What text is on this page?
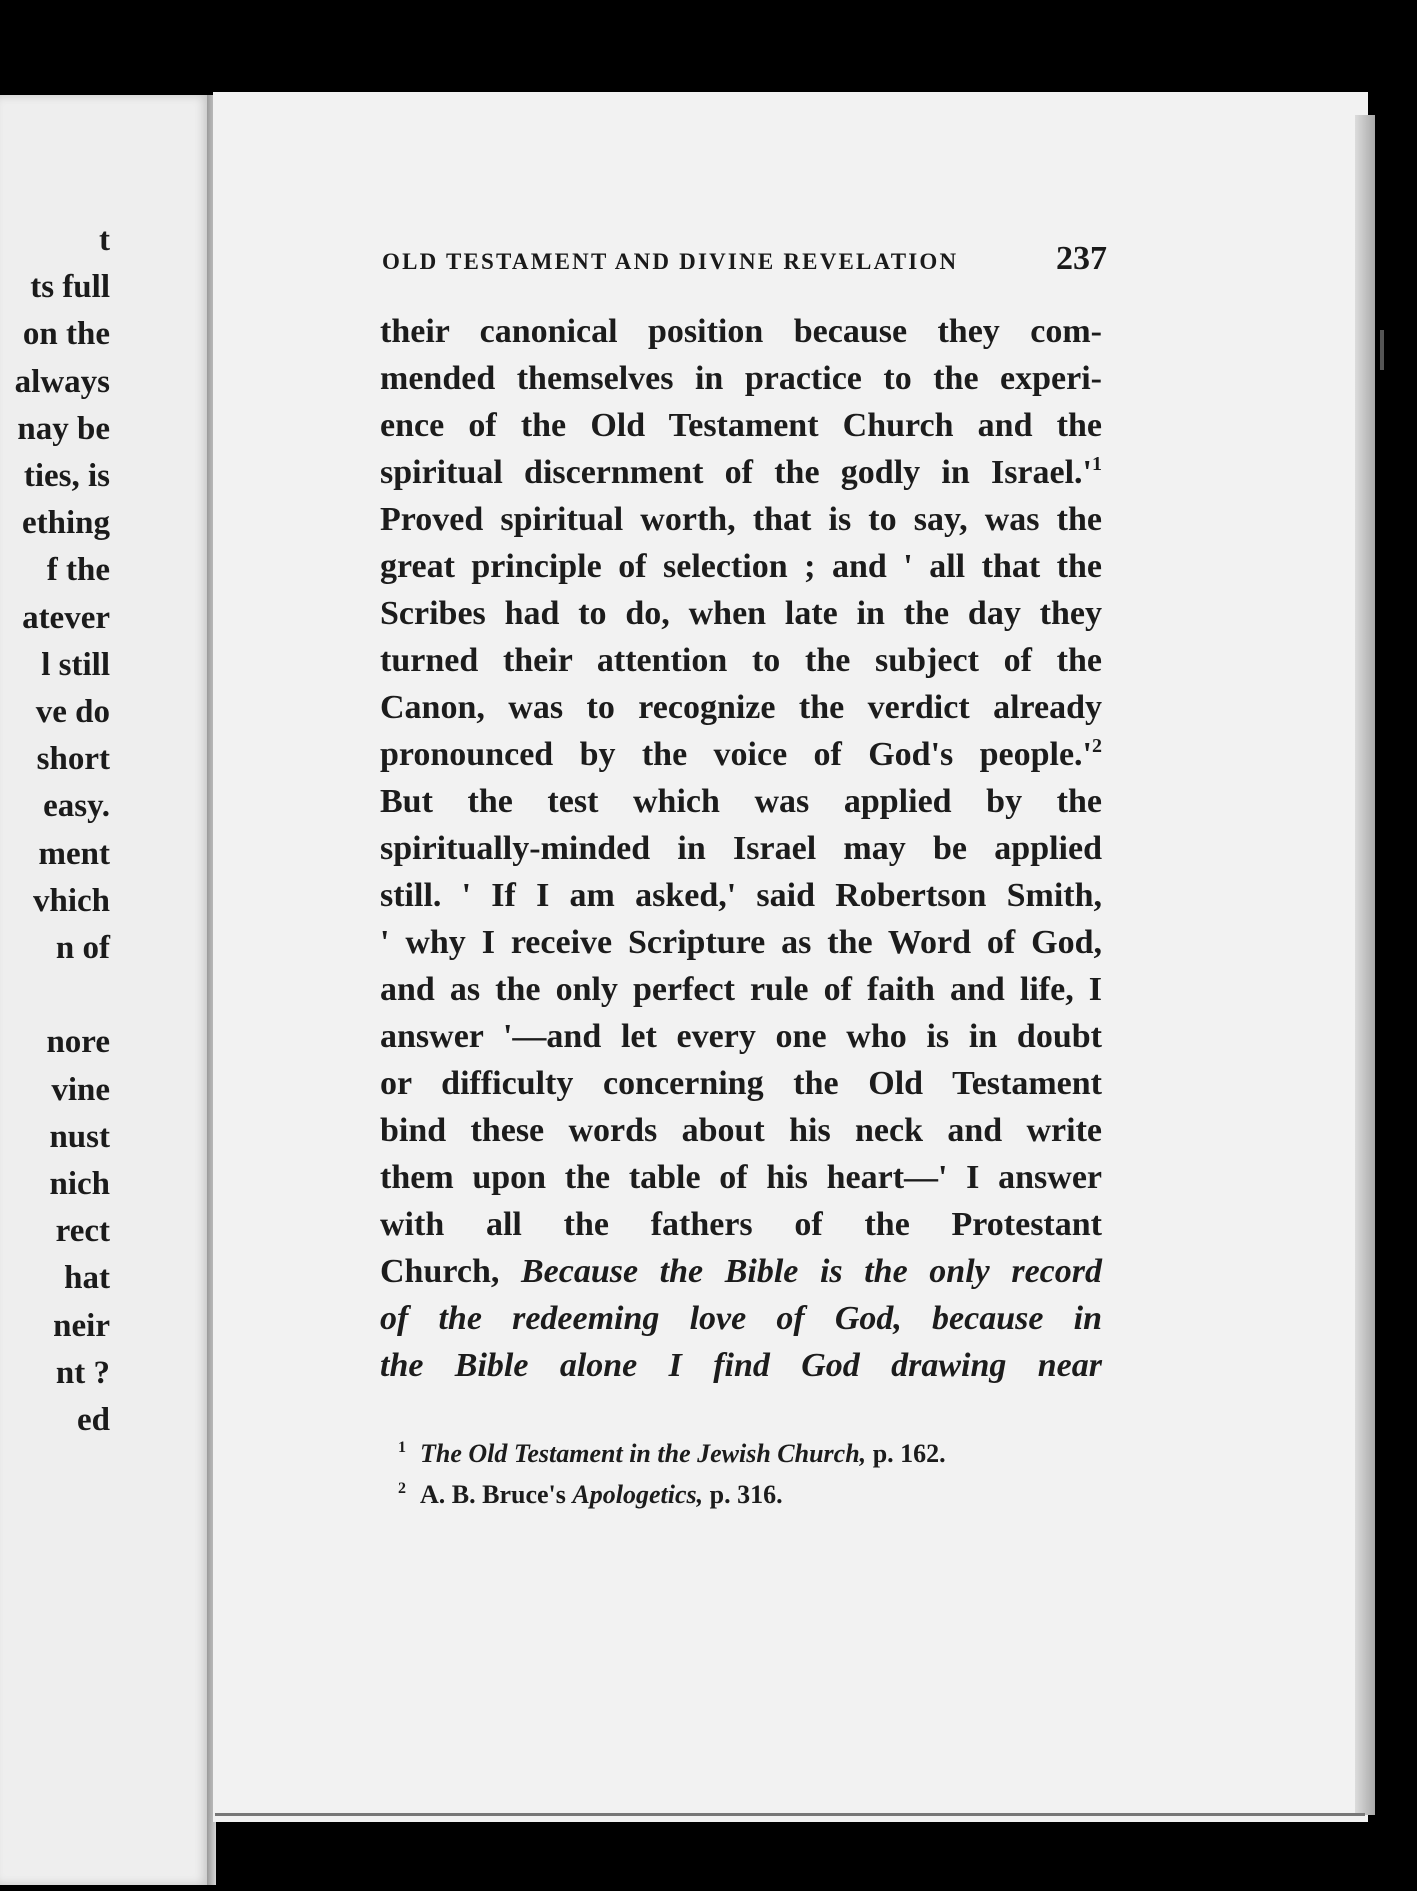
t
ts full
on the
always
nay be
ties, is
ething
f the
atever
l still
ve do
short
easy.
ment
vhich
n of
nore
vine
nust
nich
rect
hat
neir
nt ?
ed
OLD TESTAMENT AND DIVINE REVELATION	237
their canonical position because they com-
mended themselves in practice to the experi-
ence of the Old Testament Church and the
spiritual discernment of the godly in $Israel.'^1$
Proved spiritual worth, that is to say, was the
great principle of selection ; and ' all that the
Scribes had to do, when late in the day they
turned their attention to the subject of the
Canon, was to recognize the verdict already
pronounced by the voice of God's $people.'^2$
But the test which was applied by the
spiritually-minded in Israel may be applied
still. ' If I am asked,' said Robertson Smith,
' why I receive Scripture as the Word of God,
and as the only perfect rule of faith and life, I
answer '—and let every one who is in doubt
or difficulty concerning the Old Testament
bind these words about his neck and write
them upon the table of his heart—' I answer
with all the fathers of the Protestant
Church, Because the Bible is the only record
of the redeeming love of God, because in
the Bible alone I find God drawing near
$^1$ The Old Testament in the Jewish Church, p. 162.
$^2$ A. B. Bruce's Apologetics, p. 316.
